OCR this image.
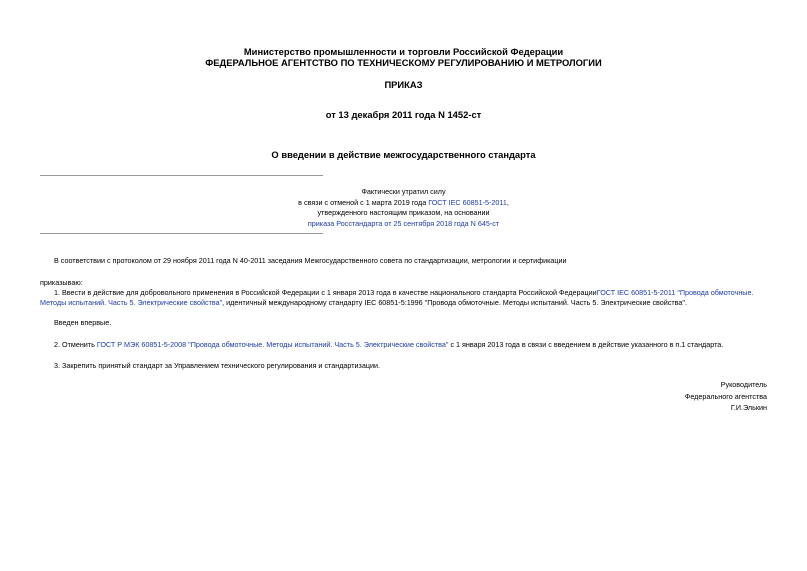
Министерство промышленности и торговли Российской Федерации
ФЕДЕРАЛЬНОЕ АГЕНТСТВО ПО ТЕХНИЧЕСКОМУ РЕГУЛИРОВАНИЮ И МЕТРОЛОГИИ
ПРИКАЗ
от 13 декабря 2011 года N 1452-ст
О введении в действие межгосударственного стандарта
Фактически утратил силу
в связи с отменой с 1 марта 2019 года ГОСТ IEC 60851-5-2011,
утвержденного настоящим приказом, на основании
приказа Росстандарта от 25 сентября 2018 года N 645-ст
В соответствии с протоколом от 29 ноября 2011 года N 40-2011 заседания Межгосударственного совета по стандартизации, метрологии и сертификации
приказываю:
1. Ввести в действие для добровольного применения в Российской Федерации с 1 января 2013 года в качестве национального стандарта Российской ФедерацииГОСТ IEC 60851-5-2011 "Провода обмоточные.
Методы испытаний. Часть 5. Электрические свойства", идентичный международному стандарту IEC 60851-5:1996 "Провода обмоточные. Методы испытаний. Часть 5. Электрические свойства".
Введен впервые.
2. Отменить ГОСТ Р МЭК 60851-5-2008 "Провода обмоточные. Методы испытаний. Часть 5. Электрические свойства" с 1 января 2013 года в связи с введением в действие указанного в п.1 стандарта.
3. Закрепить принятый стандарт за Управлением технического регулирования и стандартизации.
Руководитель
Федерального агентства
Г.И.Элькин
